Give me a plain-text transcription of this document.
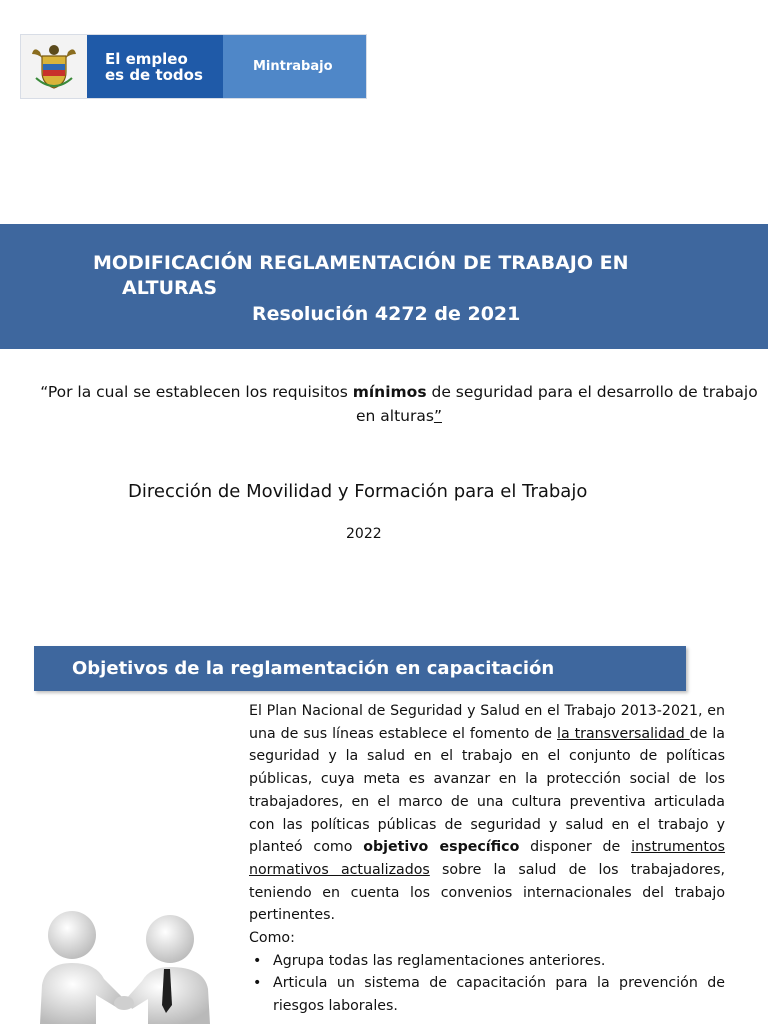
El empleo
es de todos	Mintrabajo
MODIFICACIÓN REGLAMENTACIÓN DE TRABAJO EN
ALTURAS
Resolución 4272 de 2021
“Por la cual se establecen los requisitos mínimos de seguridad para el desarrollo de trabajo en alturas”
Dirección de Movilidad y Formación para el Trabajo
2022
Objetivos de la reglamentación en capacitación

El Plan Nacional de Seguridad y Salud en el Trabajo 2013-2021, en una de sus líneas establece el fomento de la transversalidad de la seguridad y la salud en el trabajo en el conjunto de políticas públicas, cuya meta es avanzar en la protección social de los trabajadores, en el marco de una cultura preventiva articulada con las políticas públicas de seguridad y salud en el trabajo y planteó como objetivo específico disponer de instrumentos normativos actualizados sobre la salud de los trabajadores, teniendo en cuenta los convenios internacionales del trabajo pertinentes.

Como:

• Agrupa todas las reglamentaciones anteriores.
• Articula un sistema de capacitación para la prevención de riesgos laborales.
